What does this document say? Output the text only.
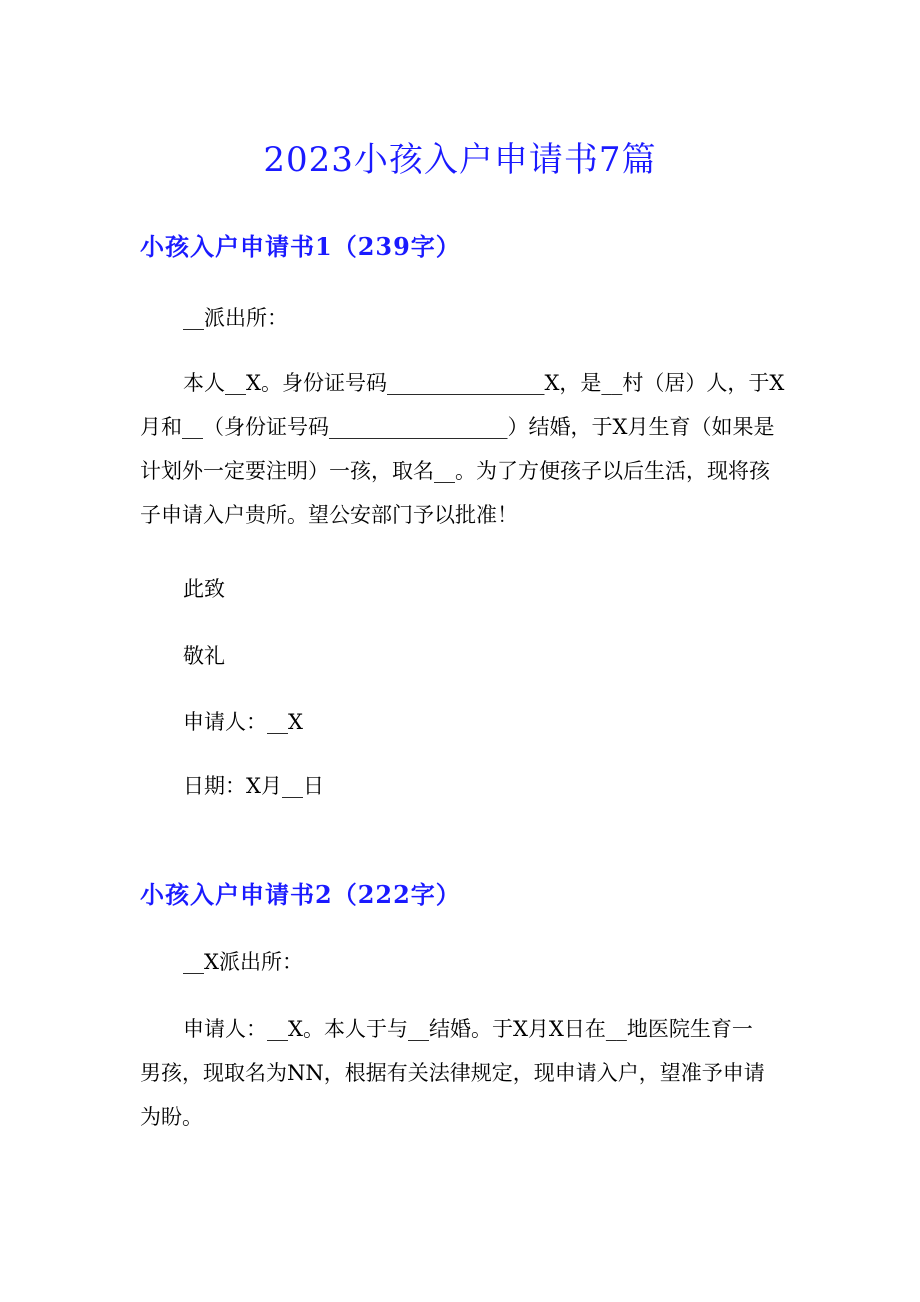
2023小孩入户申请书7篇
小孩入户申请书1（239字）
__派出所：
本人__X。身份证号码_______________X，是__村（居）人，于X
月和__（身份证号码_________________）结婚，于X月生育（如果是
计划外一定要注明）一孩，取名__。为了方便孩子以后生活，现将孩
子申请入户贵所。望公安部门予以批准！
此致
敬礼
申请人：__X
日期：X月__日
小孩入户申请书2（222字）
__X派出所：
申请人：__X。本人于与__结婚。于X月X日在__地医院生育一
男孩，现取名为NN，根据有关法律规定，现申请入户，望准予申请
为盼。
